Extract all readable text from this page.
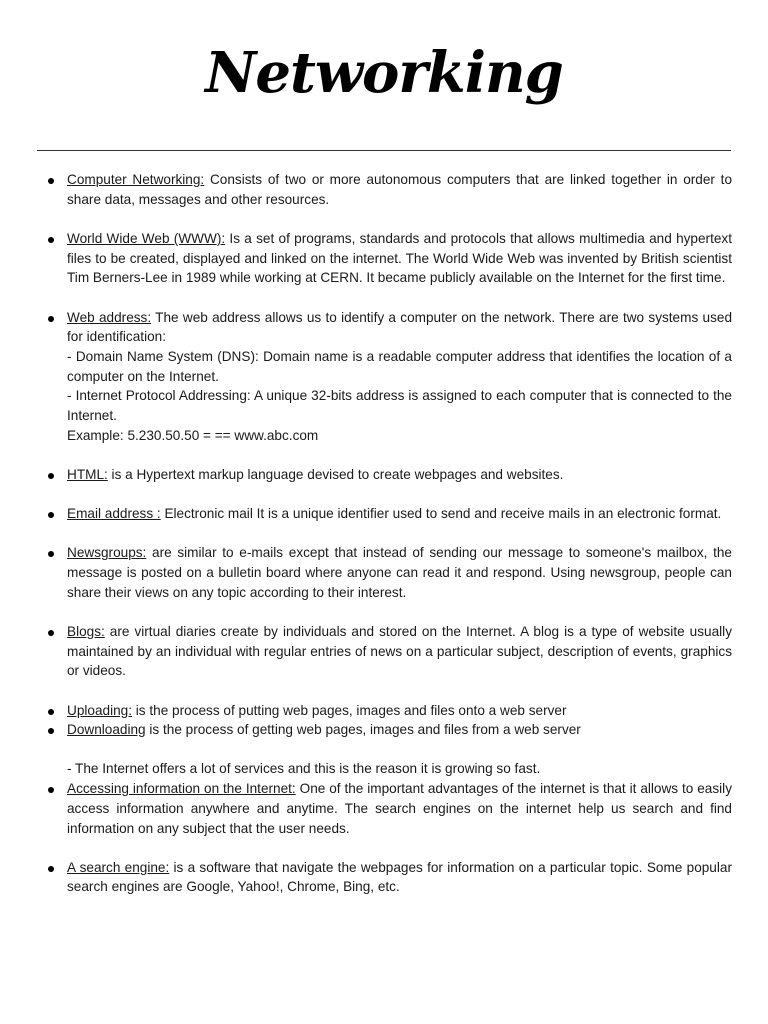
Networking
Computer Networking: Consists of two or more autonomous computers that are linked together in order to share data, messages and other resources.
World Wide Web (WWW): Is a set of programs, standards and protocols that allows multimedia and hypertext files to be created, displayed and linked on the internet. The World Wide Web was invented by British scientist Tim Berners-Lee in 1989 while working at CERN. It became publicly available on the Internet for the first time.
Web address: The web address allows us to identify a computer on the network. There are two systems used for identification:
- Domain Name System (DNS): Domain name is a readable computer address that identifies the location of a computer on the Internet.
- Internet Protocol Addressing: A unique 32-bits address is assigned to each computer that is connected to the Internet.
Example: 5.230.50.50 = == www.abc.com
HTML: is a Hypertext markup language devised to create webpages and websites.
Email address : Electronic mail It is a unique identifier used to send and receive mails in an electronic format.
Newsgroups: are similar to e-mails except that instead of sending our message to someone's mailbox, the message is posted on a bulletin board where anyone can read it and respond. Using newsgroup, people can share their views on any topic according to their interest.
Blogs: are virtual diaries create by individuals and stored on the Internet. A blog is a type of website usually maintained by an individual with regular entries of news on a particular subject, description of events, graphics or videos.
Uploading: is the process of putting web pages, images and files onto a web server
Downloading is the process of getting web pages, images and files from a web server
- The Internet offers a lot of services and this is the reason it is growing so fast.
Accessing information on the Internet: One of the important advantages of the internet is that it allows to easily access information anywhere and anytime. The search engines on the internet help us search and find information on any subject that the user needs.
A search engine: is a software that navigate the webpages for information on a particular topic. Some popular search engines are Google, Yahoo!, Chrome, Bing, etc.
